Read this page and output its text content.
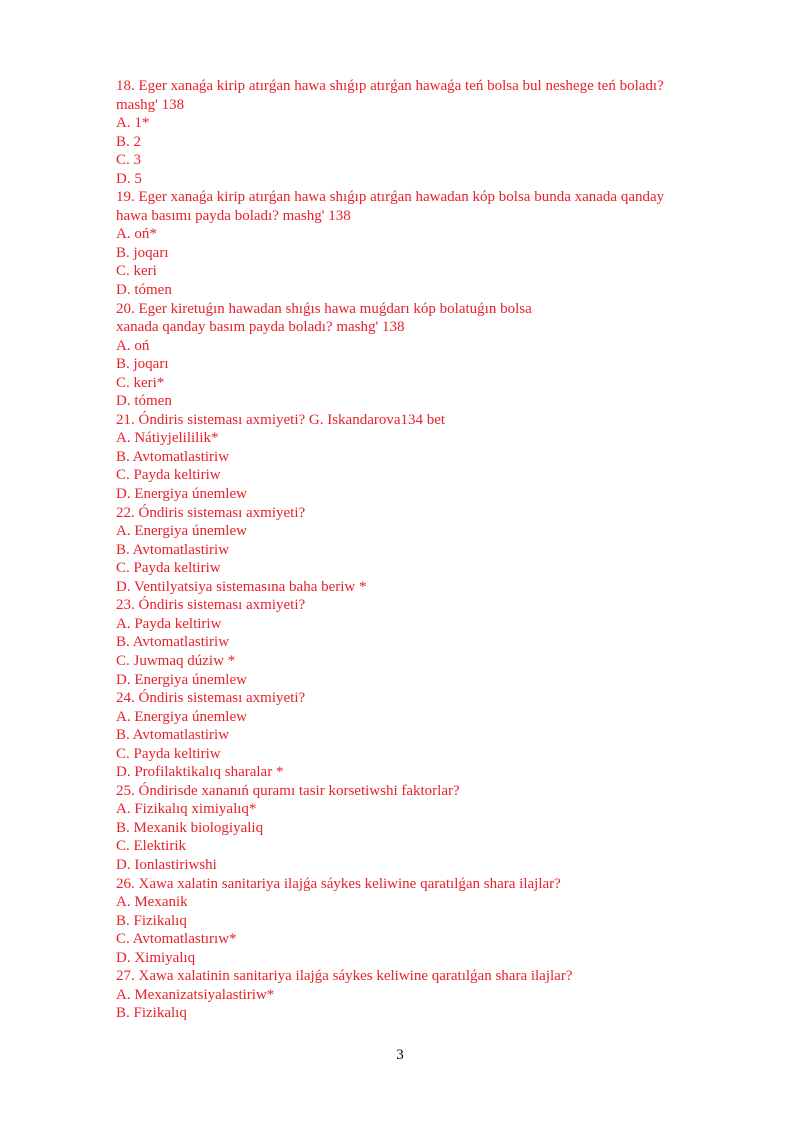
18. Eger xanaǵa kirip atırǵan hawa shıǵıp atırǵan hawaǵa teń bolsa bul neshege teń boladı?
mashg' 138

A. 1*

B. 2

C. 3

D. 5

19. Eger xanaǵa kirip atırǵan hawa shıǵıp atırǵan hawadan kóp bolsa bunda xanada qanday
hawa basımı payda boladı? mashg' 138

A. oń*

B. joqarı

C. keri

D. tómen

20. Eger kiretuǵın hawadan shıǵıs hawa muǵdarı kóp bolatuǵın bolsa
xanada qanday basım payda boladı? mashg' 138

A. oń

B. joqarı

C. keri*

D. tómen

21. Óndiris sisteması axmiyeti? G. Iskandarova134 bet

A. Nátiyjelililik*

B. Avtomatlastiriw

C. Payda keltiriw

D. Energiya únemlew

22. Óndiris sisteması axmiyeti?

A. Energiya únemlew

B. Avtomatlastiriw

C. Payda keltiriw

D. Ventilyatsiya sistemasına baha beriw *

23. Óndiris sisteması axmiyeti?

A. Payda keltiriw

B. Avtomatlastiriw

C. Juwmaq dúziw *

D. Energiya únemlew

24. Óndiris sisteması axmiyeti?

A. Energiya únemlew

B. Avtomatlastiriw

C. Payda keltiriw

D. Profilaktikalıq sharalar *

25. Óndirisde xananıń quramı tasir korsetiwshi faktorlar?

A. Fizikalıq ximiyalıq*

B. Mexanik biologiyaliq

C. Elektirik

D. Ionlastiriwshi

26. Xawa xalatin sanitariya ilajǵa sáykes keliwine qaratılǵan shara ilajlar?

A. Mexanik

B. Fizikalıq

C. Avtomatlastırıw*

D. Ximiyalıq

27. Xawa xalatinin sanitariya ilajǵa sáykes keliwine qaratılǵan shara ilajlar?

A. Mexanizatsiyalastiriw*

B. Fizikalıq

3
